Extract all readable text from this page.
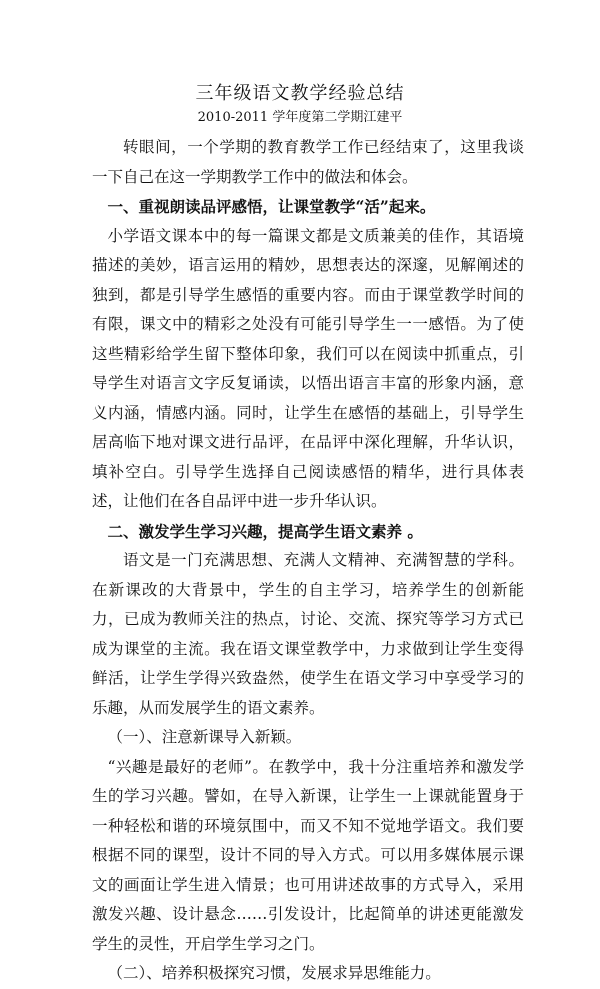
三年级语文教学经验总结
2010-2011 学年度第二学期江建平

转眼间，一个学期的教育教学工作已经结束了，这里我谈一下自己在这一学期教学工作中的做法和体会。

一、重视朗读品评感悟，让课堂教学“活”起来。

小学语文课本中的每一篇课文都是文质兼美的佳作，其语境描述的美妙，语言运用的精妙，思想表达的深邃，见解阐述的独到，都是引导学生感悟的重要内容。而由于课堂教学时间的有限，课文中的精彩之处没有可能引导学生一一感悟。为了使这些精彩给学生留下整体印象，我们可以在阅读中抓重点，引导学生对语言文字反复诵读，以悟出语言丰富的形象内涵，意义内涵，情感内涵。同时，让学生在感悟的基础上，引导学生居高临下地对课文进行品评，在品评中深化理解，升华认识，填补空白。引导学生选择自己阅读感悟的精华，进行具体表述，让他们在各自品评中进一步升华认识。

二、激发学生学习兴趣，提高学生语文素养 。

语文是一门充满思想、充满人文精神、充满智慧的学科。在新课改的大背景中，学生的自主学习，培养学生的创新能力，已成为教师关注的热点，讨论、交流、探究等学习方式已成为课堂的主流。我在语文课堂教学中，力求做到让学生变得鲜活，让学生学得兴致盎然，使学生在语文学习中享受学习的乐趣，从而发展学生的语文素养。

（一）、注意新课导入新颖。

“兴趣是最好的老师”。在教学中，我十分注重培养和激发学生的学习兴趣。譬如，在导入新课，让学生一上课就能置身于一种轻松和谐的环境氛围中，而又不知不觉地学语文。我们要根据不同的课型，设计不同的导入方式。可以用多媒体展示课文的画面让学生进入情景；也可用讲述故事的方式导入，采用激发兴趣、设计悬念……引发设计，比起简单的讲述更能激发学生的灵性，开启学生学习之门。

（二）、培养积极探究习惯，发展求异思维能力。
